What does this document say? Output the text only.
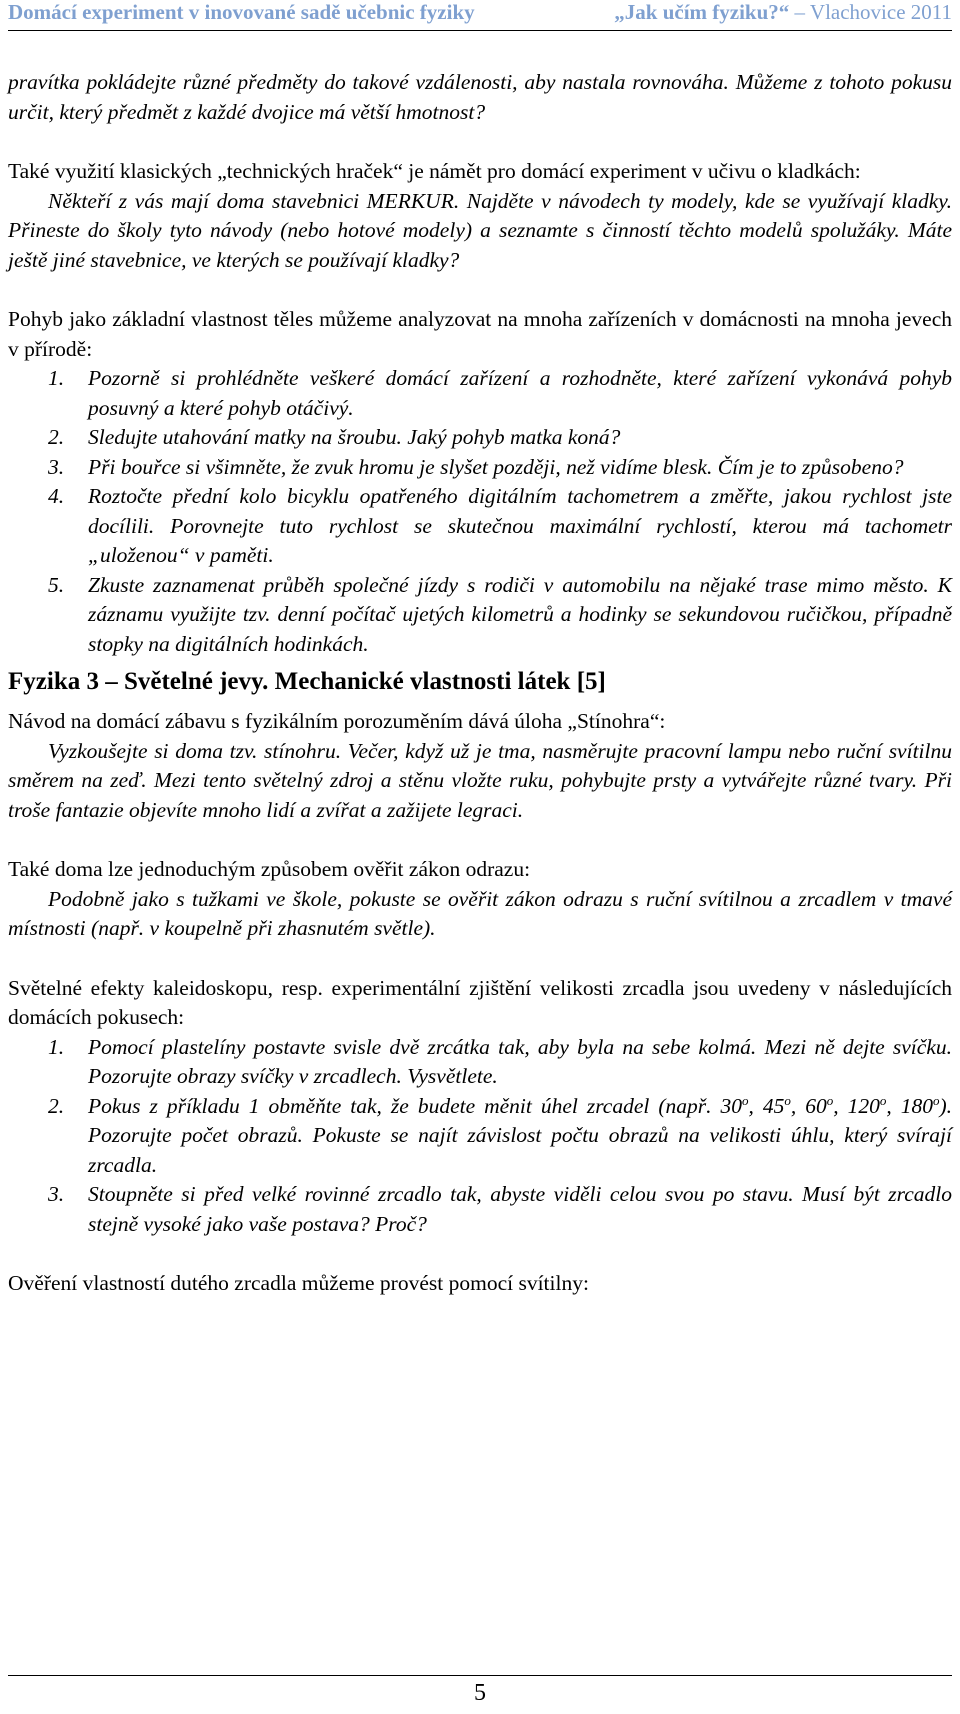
Domácí experiment v inovované sadě učebnic fyziky	„Jak učím fyziku?“ – Vlachovice 2011

pravítka pokládejte různé předměty do takové vzdálenosti, aby nastala rovnováha. Můžeme z tohoto pokusu určit, který předmět z každé dvojice má větší hmotnost?

Také využití klasických „technických hraček“ je námět pro domácí experiment v učivu o kladkách:

Někteří z vás mají doma stavebnici MERKUR. Najděte v návodech ty modely, kde se využívají kladky. Přineste do školy tyto návody (nebo hotové modely) a seznamte s činností těchto modelů spolužáky. Máte ještě jiné stavebnice, ve kterých se používají kladky?

Pohyb jako základní vlastnost těles můžeme analyzovat na mnoha zařízeních v domácnosti na mnoha jevech v přírodě:

1. Pozorně si prohlédněte veškeré domácí zařízení a rozhodněte, které zařízení vykonává pohyb posuvný a které pohyb otáčivý.
2. Sledujte utahování matky na šroubu. Jaký pohyb matka koná?
3. Při bouřce si všimněte, že zvuk hromu je slyšet později, než vidíme blesk. Čím je to způsobeno?
4. Roztočte přední kolo bicyklu opatřeného digitálním tachometrem a změřte, jakou rychlost jste docílili. Porovnejte tuto rychlost se skutečnou maximální rychlostí, kterou má tachometr „uloženou“ v paměti.
5. Zkuste zaznamenat průběh společné jízdy s rodiči v automobilu na nějaké trase mimo město. K záznamu využijte tzv. denní počítač ujetých kilometrů a hodinky se sekundovou ručičkou, případně stopky na digitálních hodinkách.
Fyzika 3 – Světelné jevy. Mechanické vlastnosti látek [5]

Návod na domácí zábavu s fyzikálním porozuměním dává úloha „Stínohra“:

Vyzkoušejte si doma tzv. stínohru. Večer, když už je tma, nasměrujte pracovní lampu nebo ruční svítilnu směrem na zeď. Mezi tento světelný zdroj a stěnu vložte ruku, pohybujte prsty a vytvářejte různé tvary. Při troše fantazie objevíte mnoho lidí a zvířat a zažijete legraci.

Také doma lze jednoduchým způsobem ověřit zákon odrazu:

Podobně jako s tužkami ve škole, pokuste se ověřit zákon odrazu s ruční svítilnou a zrcadlem v tmavé místnosti (např. v koupelně při zhasnutém světle).

Světelné efekty kaleidoskopu, resp. experimentální zjištění velikosti zrcadla jsou uvedeny v následujících domácích pokusech:

1. Pomocí plastelíny postavte svisle dvě zrcátka tak, aby byla na sebe kolmá. Mezi ně dejte svíčku. Pozorujte obrazy svíčky v zrcadlech. Vysvětlete.
2. Pokus z příkladu 1 obměňte tak, že budete měnit úhel zrcadel (např. 30$^o$, 45$^o$, 60$^o$, 120$^o$, 180$^o$). Pozorujte počet obrazů. Pokuste se najít závislost počtu obrazů na velikosti úhlu, který svírají zrcadla.
3. Stoupněte si před velké rovinné zrcadlo tak, abyste viděli celou svou po stavu. Musí být zrcadlo stejně vysoké jako vaše postava? Proč?

Ověření vlastností dutého zrcadla můžeme provést pomocí svítilny:

5
